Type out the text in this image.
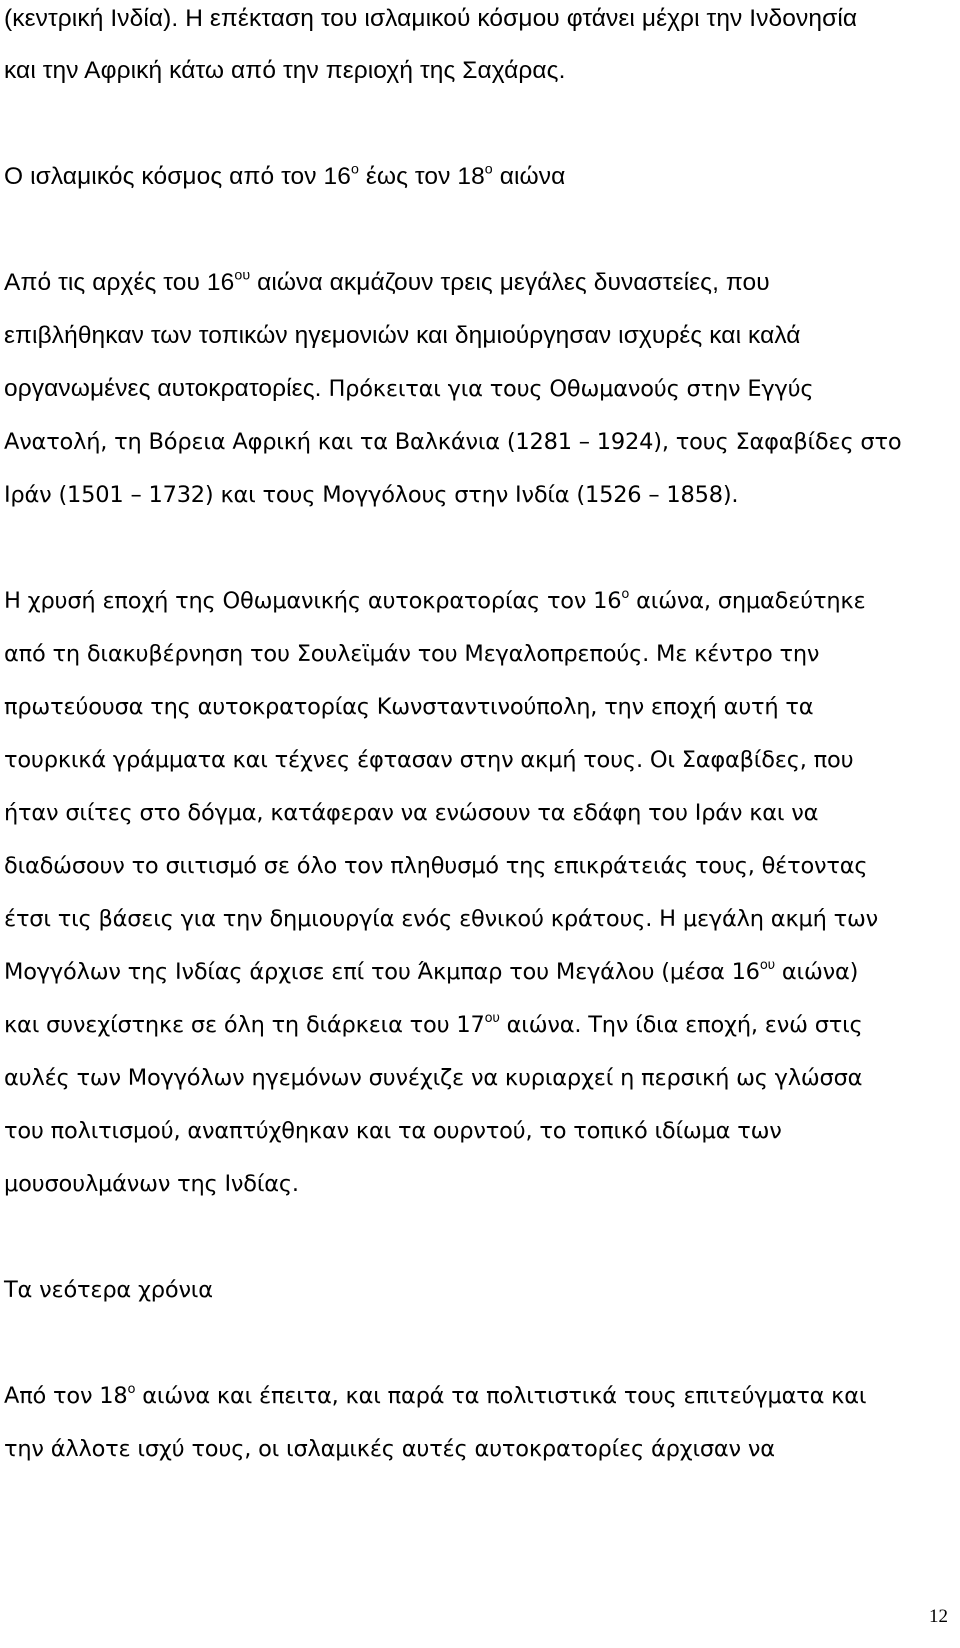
(κεντρική Ινδία). Η επέκταση του ισλαμικού κόσμου φτάνει μέχρι την Ινδονησία
και την Αφρική κάτω από την περιοχή της Σαχάρας.
Ο ισλαμικός κόσμος από τον $16^o$ έως τον $18^o$ αιώνα
Από τις αρχές του $16^{o\upsilon}$ αιώνα ακμάζουν τρεις μεγάλες δυναστείες, που
επιβλήθηκαν των τοπικών ηγεμονιών και δημιούργησαν ισχυρές και καλά
οργανωμένες αυτοκρατορίες. Πρόκειται για τους Οθωμανούς στην Εγγύς
Ανατολή, τη Βόρεια Αφρική και τα Βαλκάνια (1281 – 1924), τους Σαφαβίδες στο
Ιράν (1501 – 1732) και τους Μογγόλους στην Ινδία (1526 – 1858).
Η χρυσή εποχή της Οθωμανικής αυτοκρατορίας τον $16^o$ αιώνα, σημαδεύτηκε
από τη διακυβέρνηση του Σουλεϊμάν του Μεγαλοπρεπούς. Με κέντρο την
πρωτεύουσα της αυτοκρατορίας Κωνσταντινούπολη, την εποχή αυτή τα
τουρκικά γράμματα και τέχνες έφτασαν στην ακμή τους. Οι Σαφαβίδες, που
ήταν σιίτες στο δόγμα, κατάφεραν να ενώσουν τα εδάφη του Ιράν και να
διαδώσουν το σιιτισμό σε όλο τον πληθυσμό της επικράτειάς τους, θέτοντας
έτσι τις βάσεις για την δημιουργία ενός εθνικού κράτους. Η μεγάλη ακμή των
Μογγόλων της Ινδίας άρχισε επί του Άκμπαρ του Μεγάλου (μέσα $16^{o\upsilon}$ αιώνα)
και συνεχίστηκε σε όλη τη διάρκεια του $17^{o\upsilon}$ αιώνα. Την ίδια εποχή, ενώ στις
αυλές των Μογγόλων ηγεμόνων συνέχιζε να κυριαρχεί η περσική ως γλώσσα
του πολιτισμού, αναπτύχθηκαν και τα ουρντού, το τοπικό ιδίωμα των
μουσουλμάνων της Ινδίας.
Τα νεότερα χρόνια
Από τον $18^o$ αιώνα και έπειτα, και παρά τα πολιτιστικά τους επιτεύγματα και
την άλλοτε ισχύ τους, οι ισλαμικές αυτές αυτοκρατορίες άρχισαν να
12
